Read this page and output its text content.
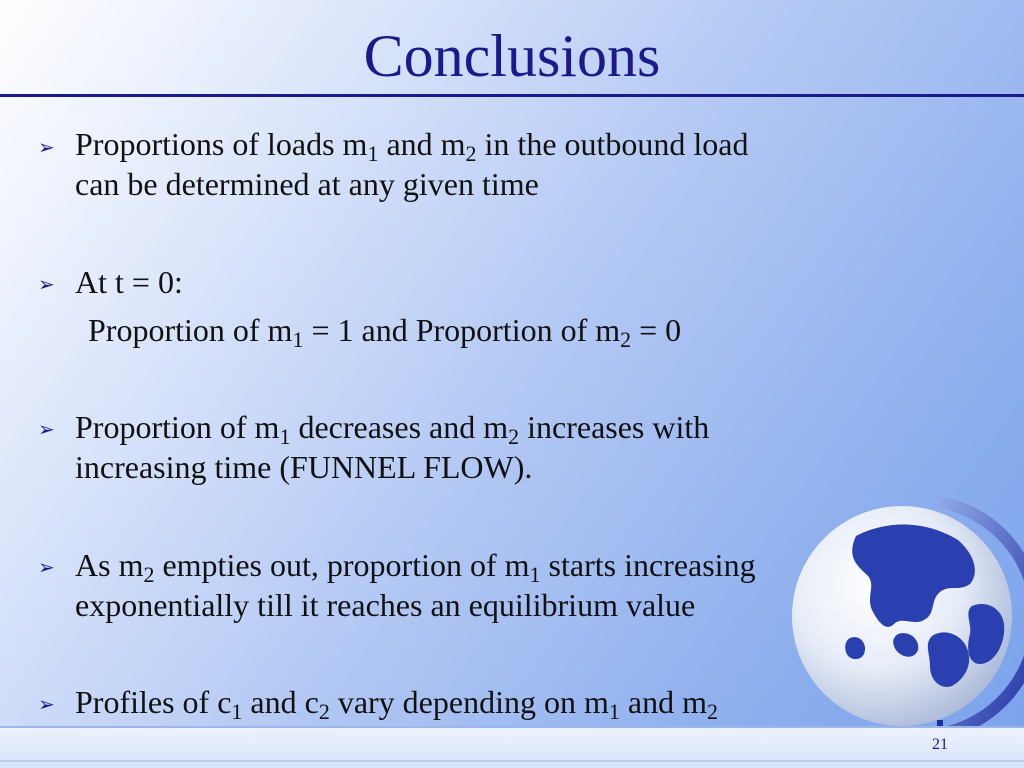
Conclusions
➢ Proportions of loads $m_1$ and $m_2$ in the outbound load
can be determined at any given time
➢ At t = 0:
Proportion of $m_1 = 1$ and Proportion of $m_2 = 0$
➢ Proportion of $m_1$ decreases and $m_2$ increases with
increasing time (FUNNEL FLOW).
➢ As $m_2$ empties out, proportion of $m_1$ starts increasing
exponentially till it reaches an equilibrium value
➢ Profiles of $c_1$ and $c_2$ vary depending on $m_1$ and $m_2$
21
